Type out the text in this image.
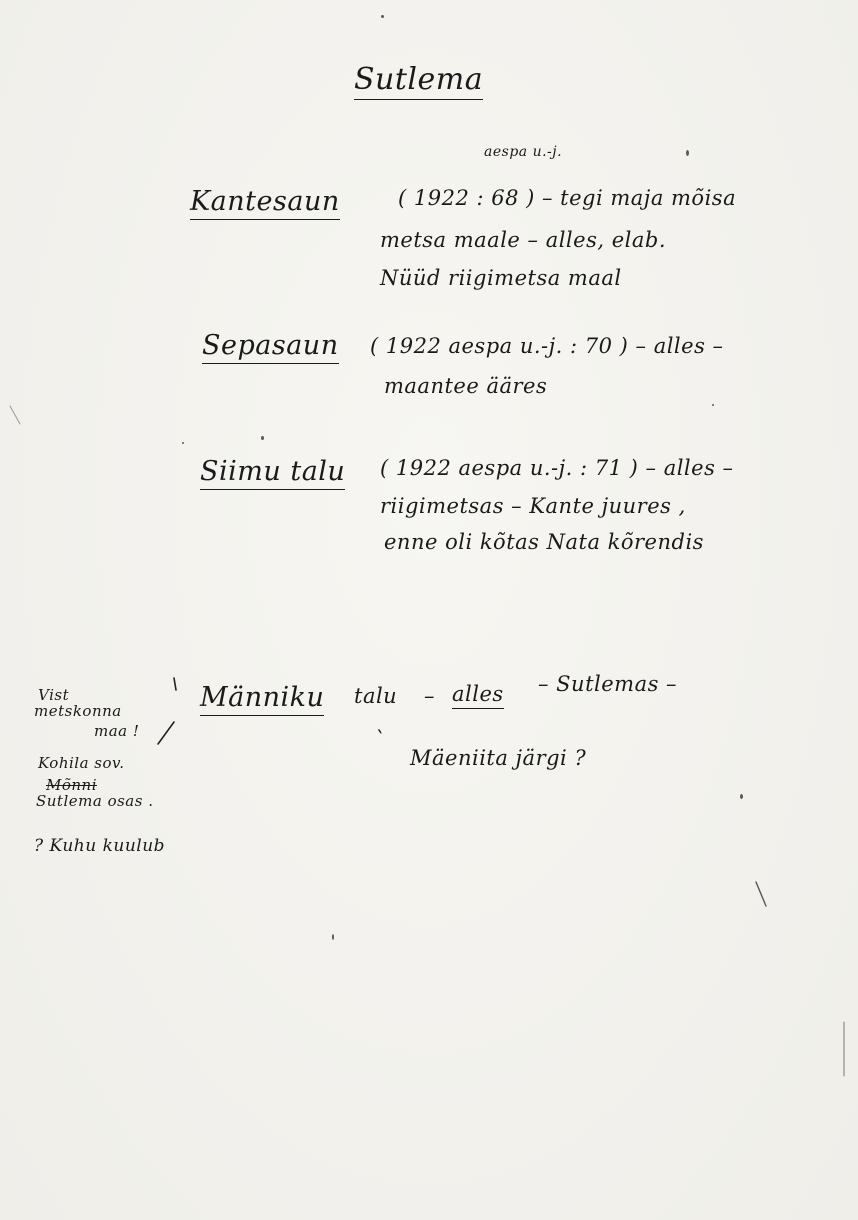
Sutlema
Kantesaun
aespa u.-j.
( 1922 : 68 ) – tegi maja mõisa
metsa maale – alles, elab.
Nüüd riigimetsa maal
Sepasaun ( 1922 aespa u.-j. : 70 ) – alles –
maantee ääres
Siimu talu ( 1922 aespa u.-j. : 71 ) – alles –
riigimetsas – Kante juures ,
enne oli kõtas Nata kõrendis
Männiku talu – alles – Sutlemas –
Mäeniita järgi ?
`
Vist
metskonna
maa !
Kohila sov.
Mõnni
Sutlema osas .
? Kuhu kuulub
